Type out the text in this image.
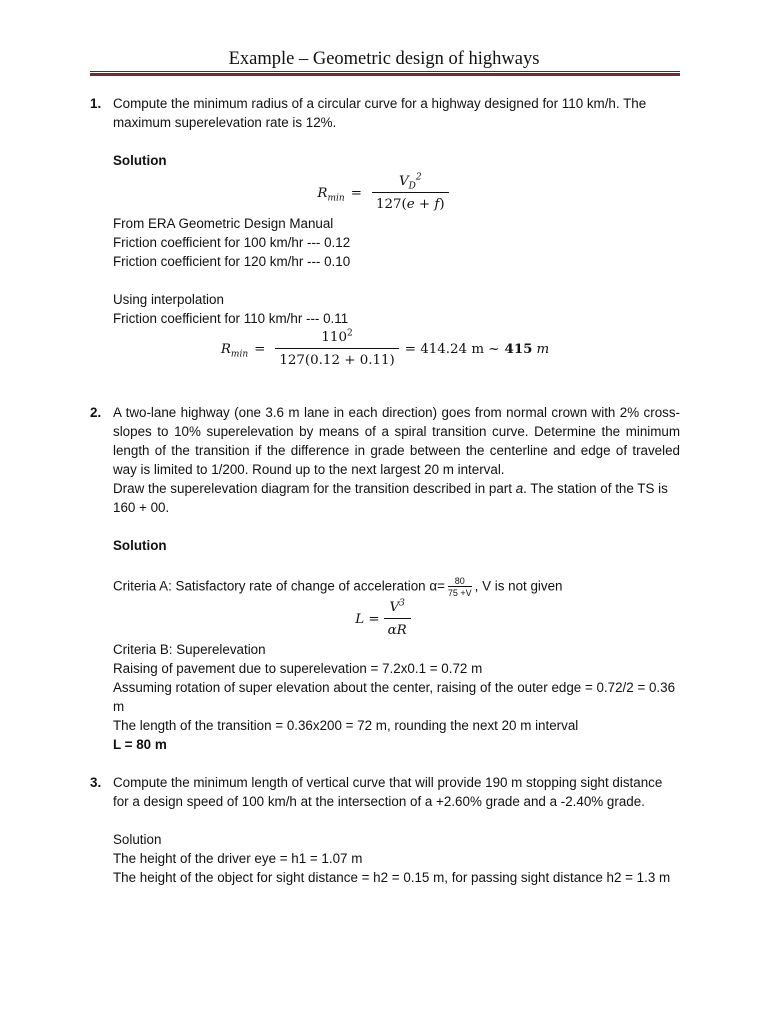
Example – Geometric design of highways
1. Compute the minimum radius of a circular curve for a highway designed for 110 km/h. The maximum superelevation rate is 12%.

Solution

$R_{min} = \frac{V_D^2}{127(e + f)}$

From ERA Geometric Design Manual

Friction coefficient for 100 km/hr --- 0.12

Friction coefficient for 120 km/hr --- 0.10

Using interpolation

Friction coefficient for 110 km/hr --- 0.11

$R_{min} = \frac{110^2}{127(0.12 + 0.11)} = 414.24$ m ~ 415 m
2. A two-lane highway (one 3.6 m lane in each direction) goes from normal crown with 2% cross-slopes to 10% superelevation by means of a spiral transition curve. Determine the minimum length of the transition if the difference in grade between the centerline and edge of traveled way is limited to 1/200. Round up to the next largest 20 m interval.

Draw the superelevation diagram for the transition described in part a. The station of the TS is 160 + 00.

Solution

Criteria A: Satisfactory rate of change of acceleration $\alpha= \frac{80}{75 +V}$ , V is not given

$L = \frac{V^3}{\alpha R}$

Criteria B: Superelevation

Raising of pavement due to superelevation = 7.2x0.1 = 0.72 m

Assuming rotation of super elevation about the center, raising of the outer edge = 0.72/2 = 0.36 m

The length of the transition = 0.36x200 = 72 m, rounding the next 20 m interval

L = 80 m

3. Compute the minimum length of vertical curve that will provide 190 m stopping sight distance for a design speed of 100 km/h at the intersection of a +2.60% grade and a -2.40% grade.

Solution

The height of the driver eye = h1 = 1.07 m

The height of the object for sight distance = h2 = 0.15 m, for passing sight distance h2 = 1.3 m
